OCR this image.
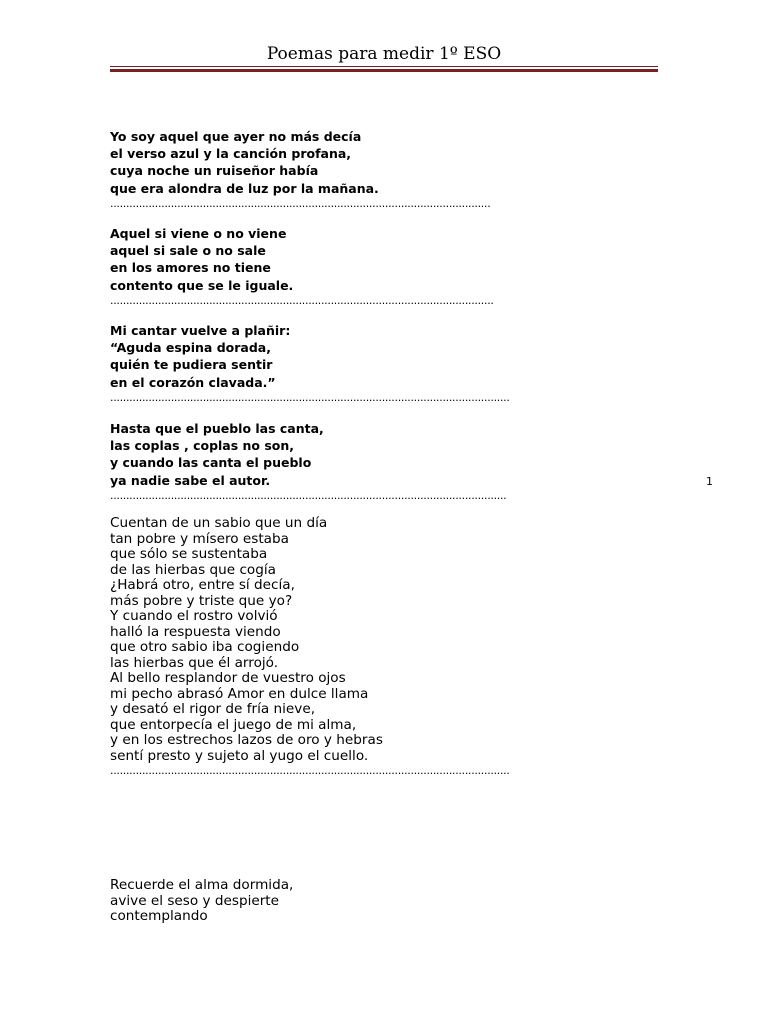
Poemas para medir 1º ESO
1
Yo soy aquel que ayer no más decía
el verso azul y la canción profana,
cuya noche un ruiseñor había
que era alondra de luz por la mañana.
.......................................................................................................................
Aquel si viene o no viene
aquel si sale o no sale
en los amores no tiene
contento que se le iguale.
........................................................................................................................
Mi cantar vuelve a plañir:
“Aguda espina dorada,
quién te pudiera sentir
en el corazón clavada.”
.............................................................................................................................
Hasta que el pueblo las canta,
las coplas , coplas no son,
y cuando las canta el pueblo
ya nadie sabe el autor.
............................................................................................................................
Cuentan de un sabio que un día
tan pobre y mísero estaba
que sólo se sustentaba
de las hierbas que cogía
¿Habrá otro, entre sí decía,
más pobre y triste que yo?
Y cuando el rostro volvió
halló la respuesta viendo
que otro sabio iba cogiendo
las hierbas que él arrojó.
Al bello resplandor de vuestro ojos
mi pecho abrasó Amor en dulce llama
y desató el rigor de fría nieve,
que entorpecía el juego de mi alma,
y en los estrechos lazos de oro y hebras
sentí presto y sujeto al yugo el cuello.
.............................................................................................................................
Recuerde el alma dormida,
avive el seso y despierte
contemplando
